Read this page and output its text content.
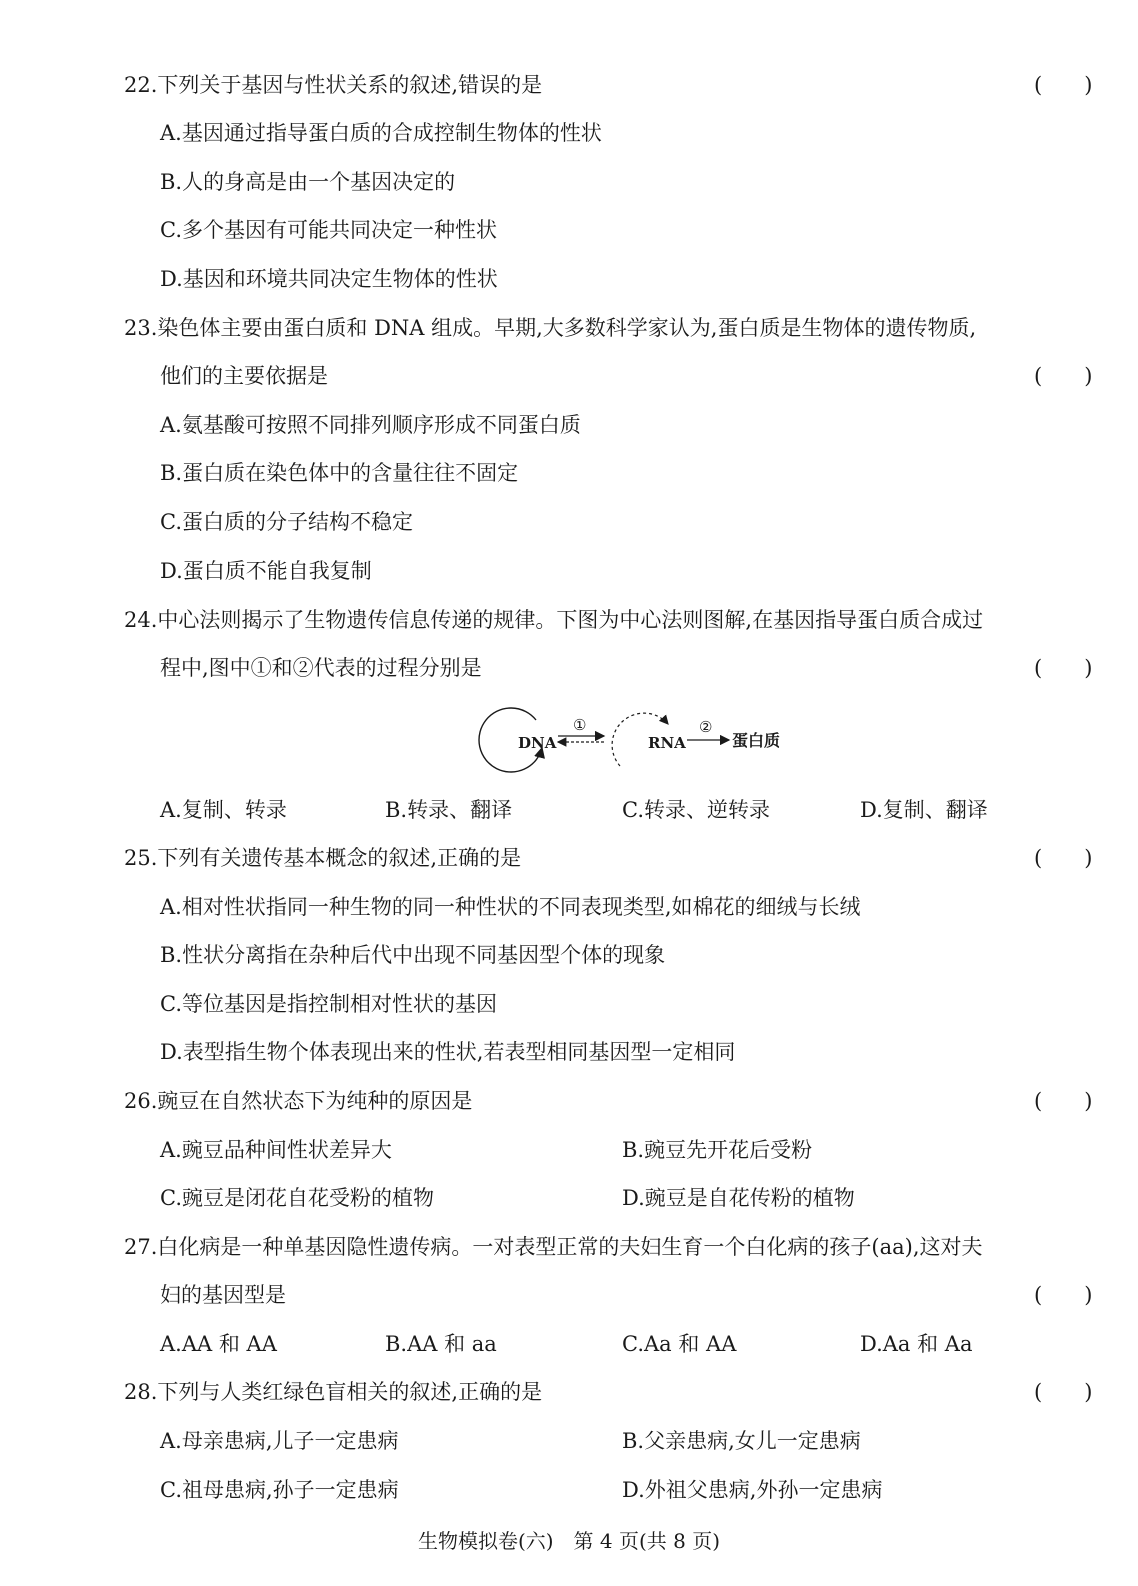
22.下列关于基因与性状关系的叙述,错误的是	(　　)
A.基因通过指导蛋白质的合成控制生物体的性状
B.人的身高是由一个基因决定的
C.多个基因有可能共同决定一种性状
D.基因和环境共同决定生物体的性状
23.染色体主要由蛋白质和 DNA 组成。早期,大多数科学家认为,蛋白质是生物体的遗传物质,
他们的主要依据是	(　　)
A.氨基酸可按照不同排列顺序形成不同蛋白质
B.蛋白质在染色体中的含量往往不固定
C.蛋白质的分子结构不稳定
D.蛋白质不能自我复制
24.中心法则揭示了生物遗传信息传递的规律。下图为中心法则图解,在基因指导蛋白质合成过
程中,图中①和②代表的过程分别是	(　　)
DNA
①
RNA
②
蛋白质
A.复制、转录	B.转录、翻译	C.转录、逆转录	D.复制、翻译
25.下列有关遗传基本概念的叙述,正确的是	(　　)
A.相对性状指同一种生物的同一种性状的不同表现类型,如棉花的细绒与长绒
B.性状分离指在杂种后代中出现不同基因型个体的现象
C.等位基因是指控制相对性状的基因
D.表型指生物个体表现出来的性状,若表型相同基因型一定相同
26.豌豆在自然状态下为纯种的原因是	(　　)
A.豌豆品种间性状差异大	B.豌豆先开花后受粉
C.豌豆是闭花自花受粉的植物	D.豌豆是自花传粉的植物
27.白化病是一种单基因隐性遗传病。一对表型正常的夫妇生育一个白化病的孩子(aa),这对夫
妇的基因型是	(　　)
A.AA 和 AA	B.AA 和 aa	C.Aa 和 AA	D.Aa 和 Aa
28.下列与人类红绿色盲相关的叙述,正确的是	(　　)
A.母亲患病,儿子一定患病	B.父亲患病,女儿一定患病
C.祖母患病,孙子一定患病	D.外祖父患病,外孙一定患病
生物模拟卷(六)　第 4 页(共 8 页)
